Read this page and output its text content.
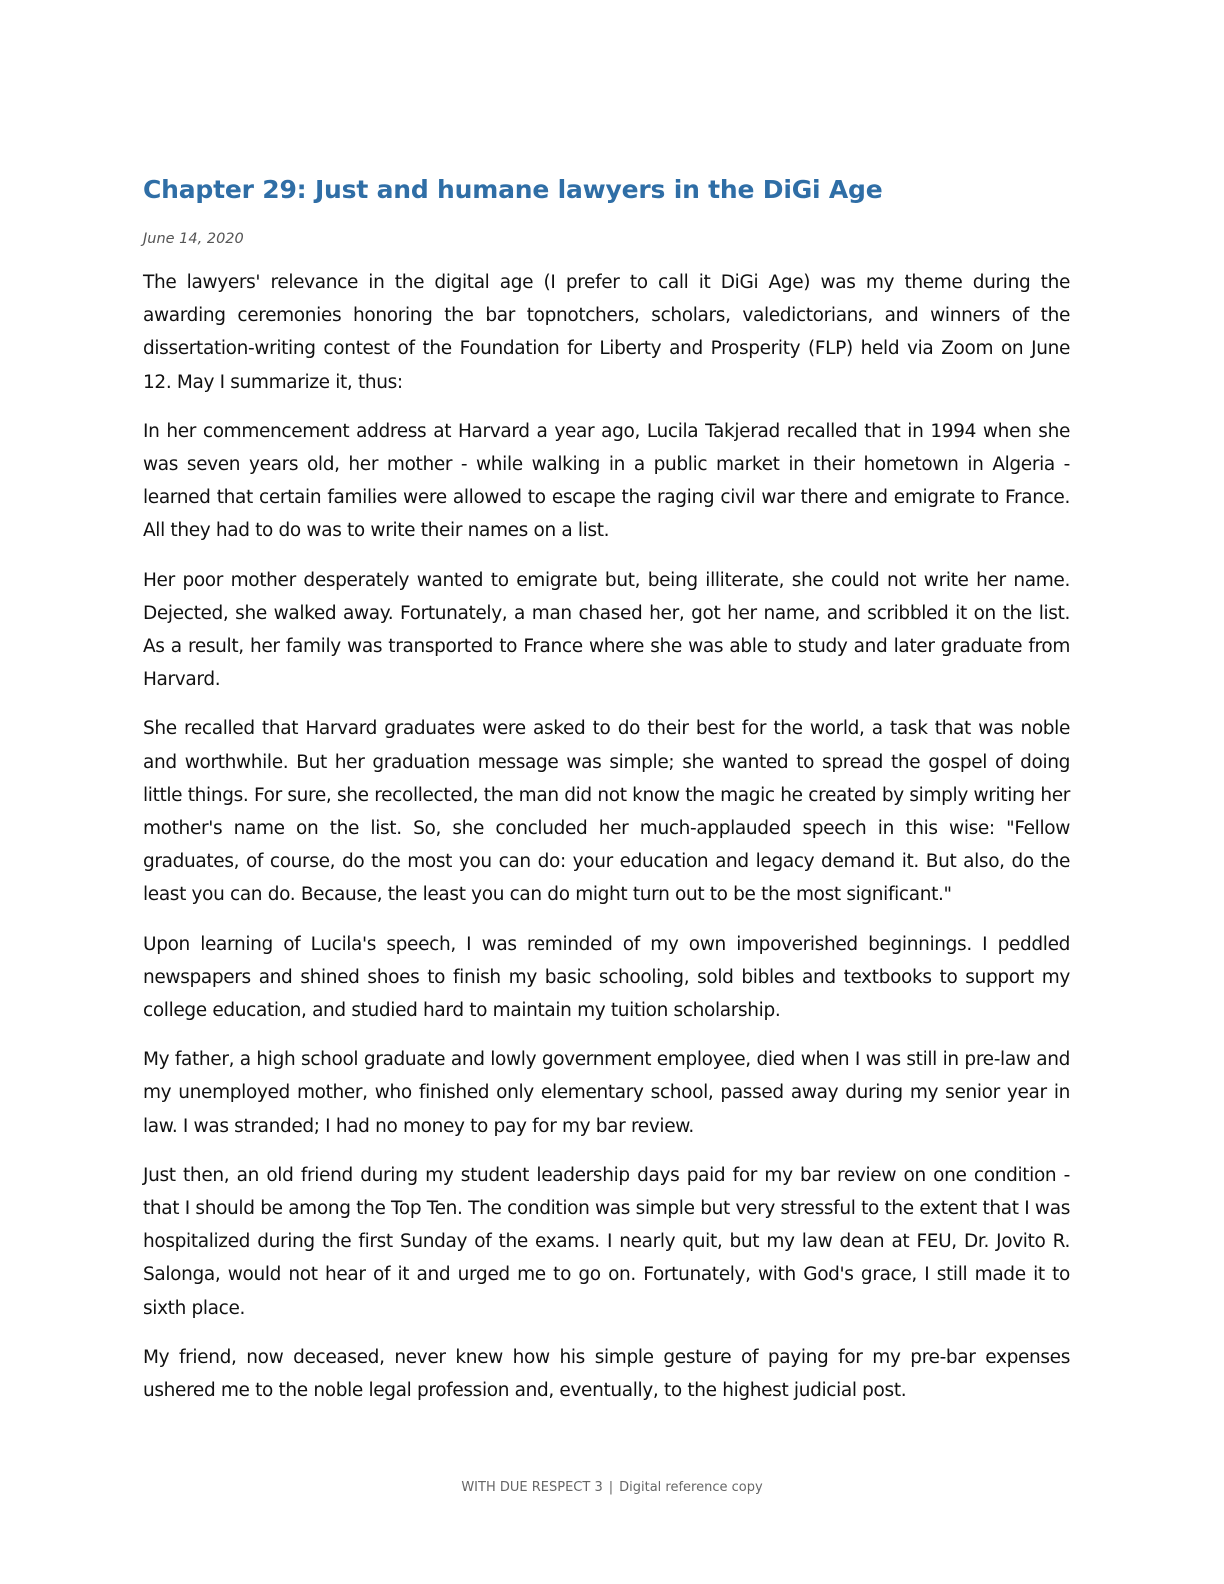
Chapter 29: Just and humane lawyers in the DiGi Age
June 14, 2020

The lawyers' relevance in the digital age (I prefer to call it DiGi Age) was my theme during the awarding ceremonies honoring the bar topnotchers, scholars, valedictorians, and winners of the dissertation-writing contest of the Foundation for Liberty and Prosperity (FLP) held via Zoom on June 12. May I summarize it, thus:

In her commencement address at Harvard a year ago, Lucila Takjerad recalled that in 1994 when she was seven years old, her mother - while walking in a public market in their hometown in Algeria - learned that certain families were allowed to escape the raging civil war there and emigrate to France. All they had to do was to write their names on a list.

Her poor mother desperately wanted to emigrate but, being illiterate, she could not write her name. Dejected, she walked away. Fortunately, a man chased her, got her name, and scribbled it on the list. As a result, her family was transported to France where she was able to study and later graduate from Harvard.

She recalled that Harvard graduates were asked to do their best for the world, a task that was noble and worthwhile. But her graduation message was simple; she wanted to spread the gospel of doing little things. For sure, she recollected, the man did not know the magic he created by simply writing her mother's name on the list. So, she concluded her much-applauded speech in this wise: "Fellow graduates, of course, do the most you can do: your education and legacy demand it. But also, do the least you can do. Because, the least you can do might turn out to be the most significant."

Upon learning of Lucila's speech, I was reminded of my own impoverished beginnings. I peddled newspapers and shined shoes to finish my basic schooling, sold bibles and textbooks to support my college education, and studied hard to maintain my tuition scholarship.

My father, a high school graduate and lowly government employee, died when I was still in pre-law and my unemployed mother, who finished only elementary school, passed away during my senior year in law. I was stranded; I had no money to pay for my bar review.

Just then, an old friend during my student leadership days paid for my bar review on one condition - that I should be among the Top Ten. The condition was simple but very stressful to the extent that I was hospitalized during the first Sunday of the exams. I nearly quit, but my law dean at FEU, Dr. Jovito R. Salonga, would not hear of it and urged me to go on. Fortunately, with God's grace, I still made it to sixth place.

My friend, now deceased, never knew how his simple gesture of paying for my pre-bar expenses ushered me to the noble legal profession and, eventually, to the highest judicial post.

WITH DUE RESPECT 3 | Digital reference copy
